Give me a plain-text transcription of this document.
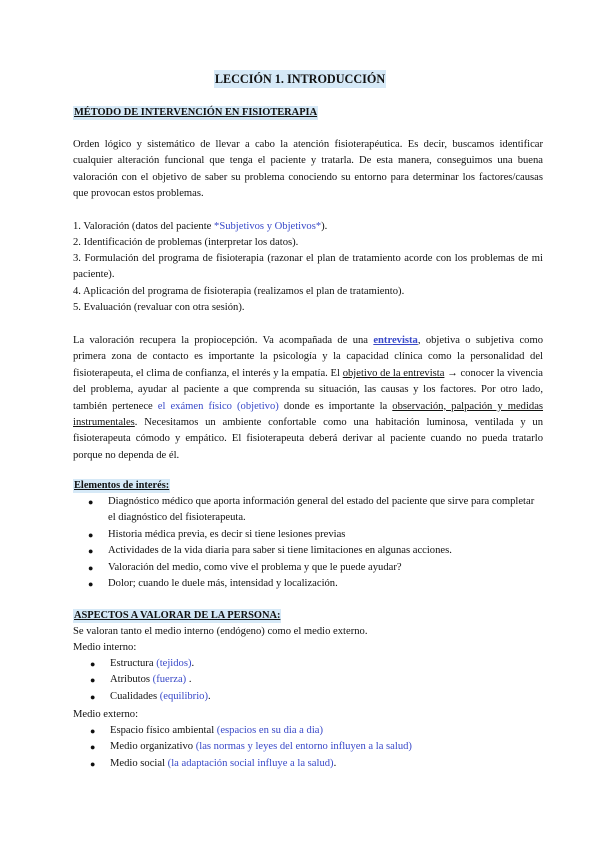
LECCIÓN 1. INTRODUCCIÓN
MÉTODO DE INTERVENCIÓN EN FISIOTERAPIA
Orden lógico y sistemático de llevar a cabo la atención fisioterapéutica. Es decir, buscamos identificar cualquier alteración funcional que tenga el paciente y tratarla. De esta manera, conseguimos una buena valoración con el objetivo de saber su problema conociendo su entorno para determinar los factores/causas que provocan estos problemas.
1. Valoración (datos del paciente *Subjetivos y Objetivos*).
2. Identificación de problemas (interpretar los datos).
3. Formulación del programa de fisioterapia (razonar el plan de tratamiento acorde con los problemas de mi paciente).
4. Aplicación del programa de fisioterapia (realizamos el plan de tratamiento).
5. Evaluación (revaluar con otra sesión).
La valoración recupera la propiocepción. Va acompañada de una entrevista, objetiva o subjetiva como primera zona de contacto es importante la psicología y la capacidad clínica como la personalidad del fisioterapeuta, el clima de confianza, el interés y la empatía. El objetivo de la entrevista → conocer la vivencia del problema, ayudar al paciente a que comprenda su situación, las causas y los factores. Por otro lado, también pertenece el exámen físico (objetivo) donde es importante la observación, palpación y medidas instrumentales. Necesitamos un ambiente confortable como una habitación luminosa, ventilada y un fisioterapeuta cómodo y empático. El fisioterapeuta deberá derivar al paciente cuando no pueda tratarlo porque no dependa de él.
Elementos de interés:
● Diagnóstico médico que aporta información general del estado del paciente que sirve para completar el diagnóstico del fisioterapeuta.
● Historia médica previa, es decir si tiene lesiones previas
● Actividades de la vida diaria para saber si tiene limitaciones en algunas acciones.
● Valoración del medio, como vive el problema y que le puede ayudar?
● Dolor; cuando le duele más, intensidad y localización.
ASPECTOS A VALORAR DE LA PERSONA:
Se valoran tanto el medio interno (endógeno) como el medio externo.
Medio interno:
● Estructura (tejidos).
● Atributos (fuerza) .
● Cualidades (equilibrio).
Medio externo:
● Espacio físico ambiental (espacios en su dia a dia)
● Medio organizativo (las normas y leyes del entorno influyen a la salud)
● Medio social (la adaptación social influye a la salud).
